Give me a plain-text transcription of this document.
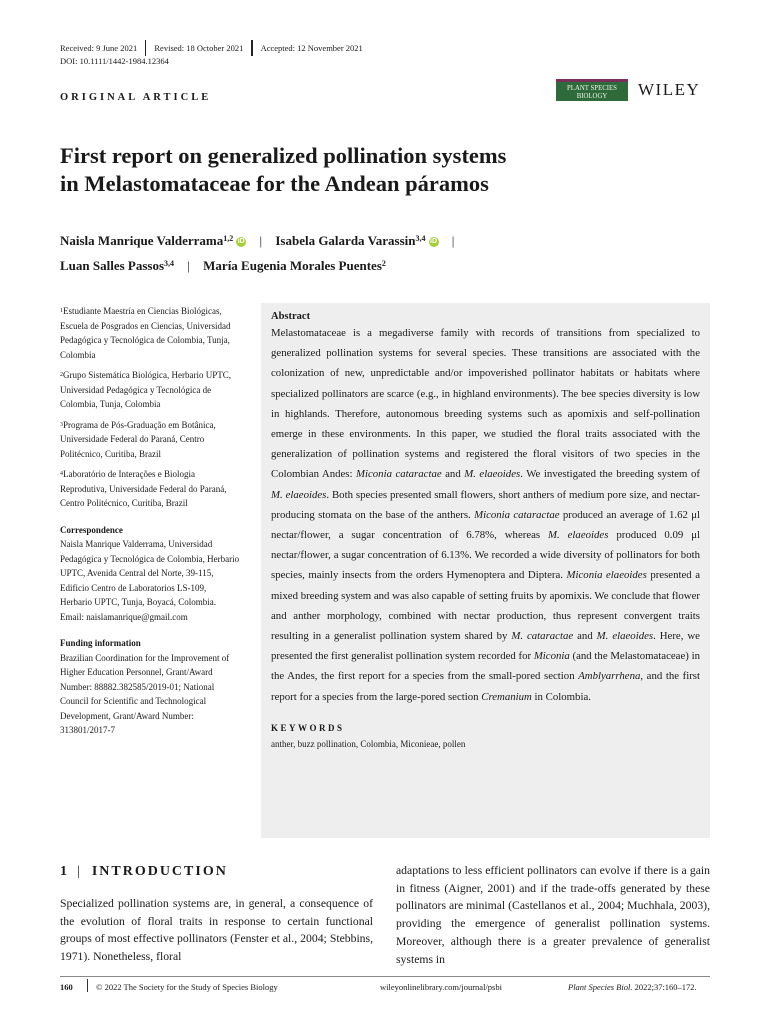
Received: 9 June 2021 Revised: 18 October 2021 Accepted: 12 November 2021
DOI: 10.1111/1442-1984.12364
ORIGINAL ARTICLE
PLANT SPECIES
BIOLOGY	WILEY
First report on generalized pollination systems
in Melastomataceae for the Andean páramos
Naisla Manrique Valderrama$^{1,2}$ iD | Isabela Galarda Varassin$^{3,4}$ iD |
Luan Salles Passos$^{3,4}$ | María Eugenia Morales Puentes$^2$
$^1$Estudiante Maestría en Ciencias Biológicas, Escuela de Posgrados en Ciencias, Universidad Pedagógica y Tecnológica de Colombia, Tunja, Colombia
$^2$Grupo Sistemática Biológica, Herbario UPTC, Universidad Pedagógica y Tecnológica de Colombia, Tunja, Colombia
$^3$Programa de Pós-Graduação em Botânica, Universidade Federal do Paraná, Centro Politécnico, Curitiba, Brazil
$^4$Laboratório de Interações e Biologia Reprodutiva, Universidade Federal do Paraná, Centro Politécnico, Curitiba, Brazil
Correspondence

Naisla Manrique Valderrama, Universidad Pedagógica y Tecnológica de Colombia, Herbario UPTC, Avenida Central del Norte, 39-115, Edificio Centro de Laboratorios LS-109, Herbario UPTC, Tunja, Boyacá, Colombia.

Email: naislamanrique@gmail.com

Funding information

Brazilian Coordination for the Improvement of Higher Education Personnel, Grant/Award Number: 88882.382585/2019-01; National Council for Scientific and Technological Development, Grant/Award Number: 313801/2017-7

Abstract
Melastomataceae is a megadiverse family with records of transitions from specialized to generalized pollination systems for several species. These transitions are associated with the colonization of new, unpredictable and/or impoverished pollinator habitats or habitats where specialized pollinators are scarce (e.g., in highland environments). The bee species diversity is low in highlands. Therefore, autonomous breeding systems such as apomixis and self-pollination emerge in these environments. In this paper, we studied the floral traits associated with the generalization of pollination systems and registered the floral visitors of two species in the Colombian Andes: Miconia cataractae and M. elaeoides. We investigated the breeding system of M. elaeoides. Both species presented small flowers, short anthers of medium pore size, and nectar-producing stomata on the base of the anthers. Miconia cataractae produced an average of 1.62 μl nectar/flower, a sugar concentration of 6.78%, whereas M. elaeoides produced 0.09 μl nectar/flower, a sugar concentration of 6.13%. We recorded a wide diversity of pollinators for both species, mainly insects from the orders Hymenoptera and Diptera. Miconia elaeoides presented a mixed breeding system and was also capable of setting fruits by apomixis. We conclude that flower and anther morphology, combined with nectar production, thus represent convergent traits resulting in a generalist pollination system shared by M. cataractae and M. elaeoides. Here, we presented the first generalist pollination system recorded for Miconia (and the Melastomataceae) in the Andes, the first report for a species from the small-pored section Amblyarrhena, and the first report for a species from the large-pored section Cremanium in Colombia.
KEYWORDS
anther, buzz pollination, Colombia, Miconieae, pollen
1 | INTRODUCTION
Specialized pollination systems are, in general, a consequence of the evolution of floral traits in response to certain functional groups of most effective pollinators (Fenster et al., 2004; Stebbins, 1971). Nonetheless, floral
adaptations to less efficient pollinators can evolve if there is a gain in fitness (Aigner, 2001) and if the trade-offs generated by these pollinators are minimal (Castellanos et al., 2004; Muchhala, 2003), providing the emergence of generalist pollination systems. Moreover, although there is a greater prevalence of generalist systems in
160	© 2022 The Society for the Study of Species Biology	wileyonlinelibrary.com/journal/psbi	Plant Species Biol. 2022;37:160–172.
